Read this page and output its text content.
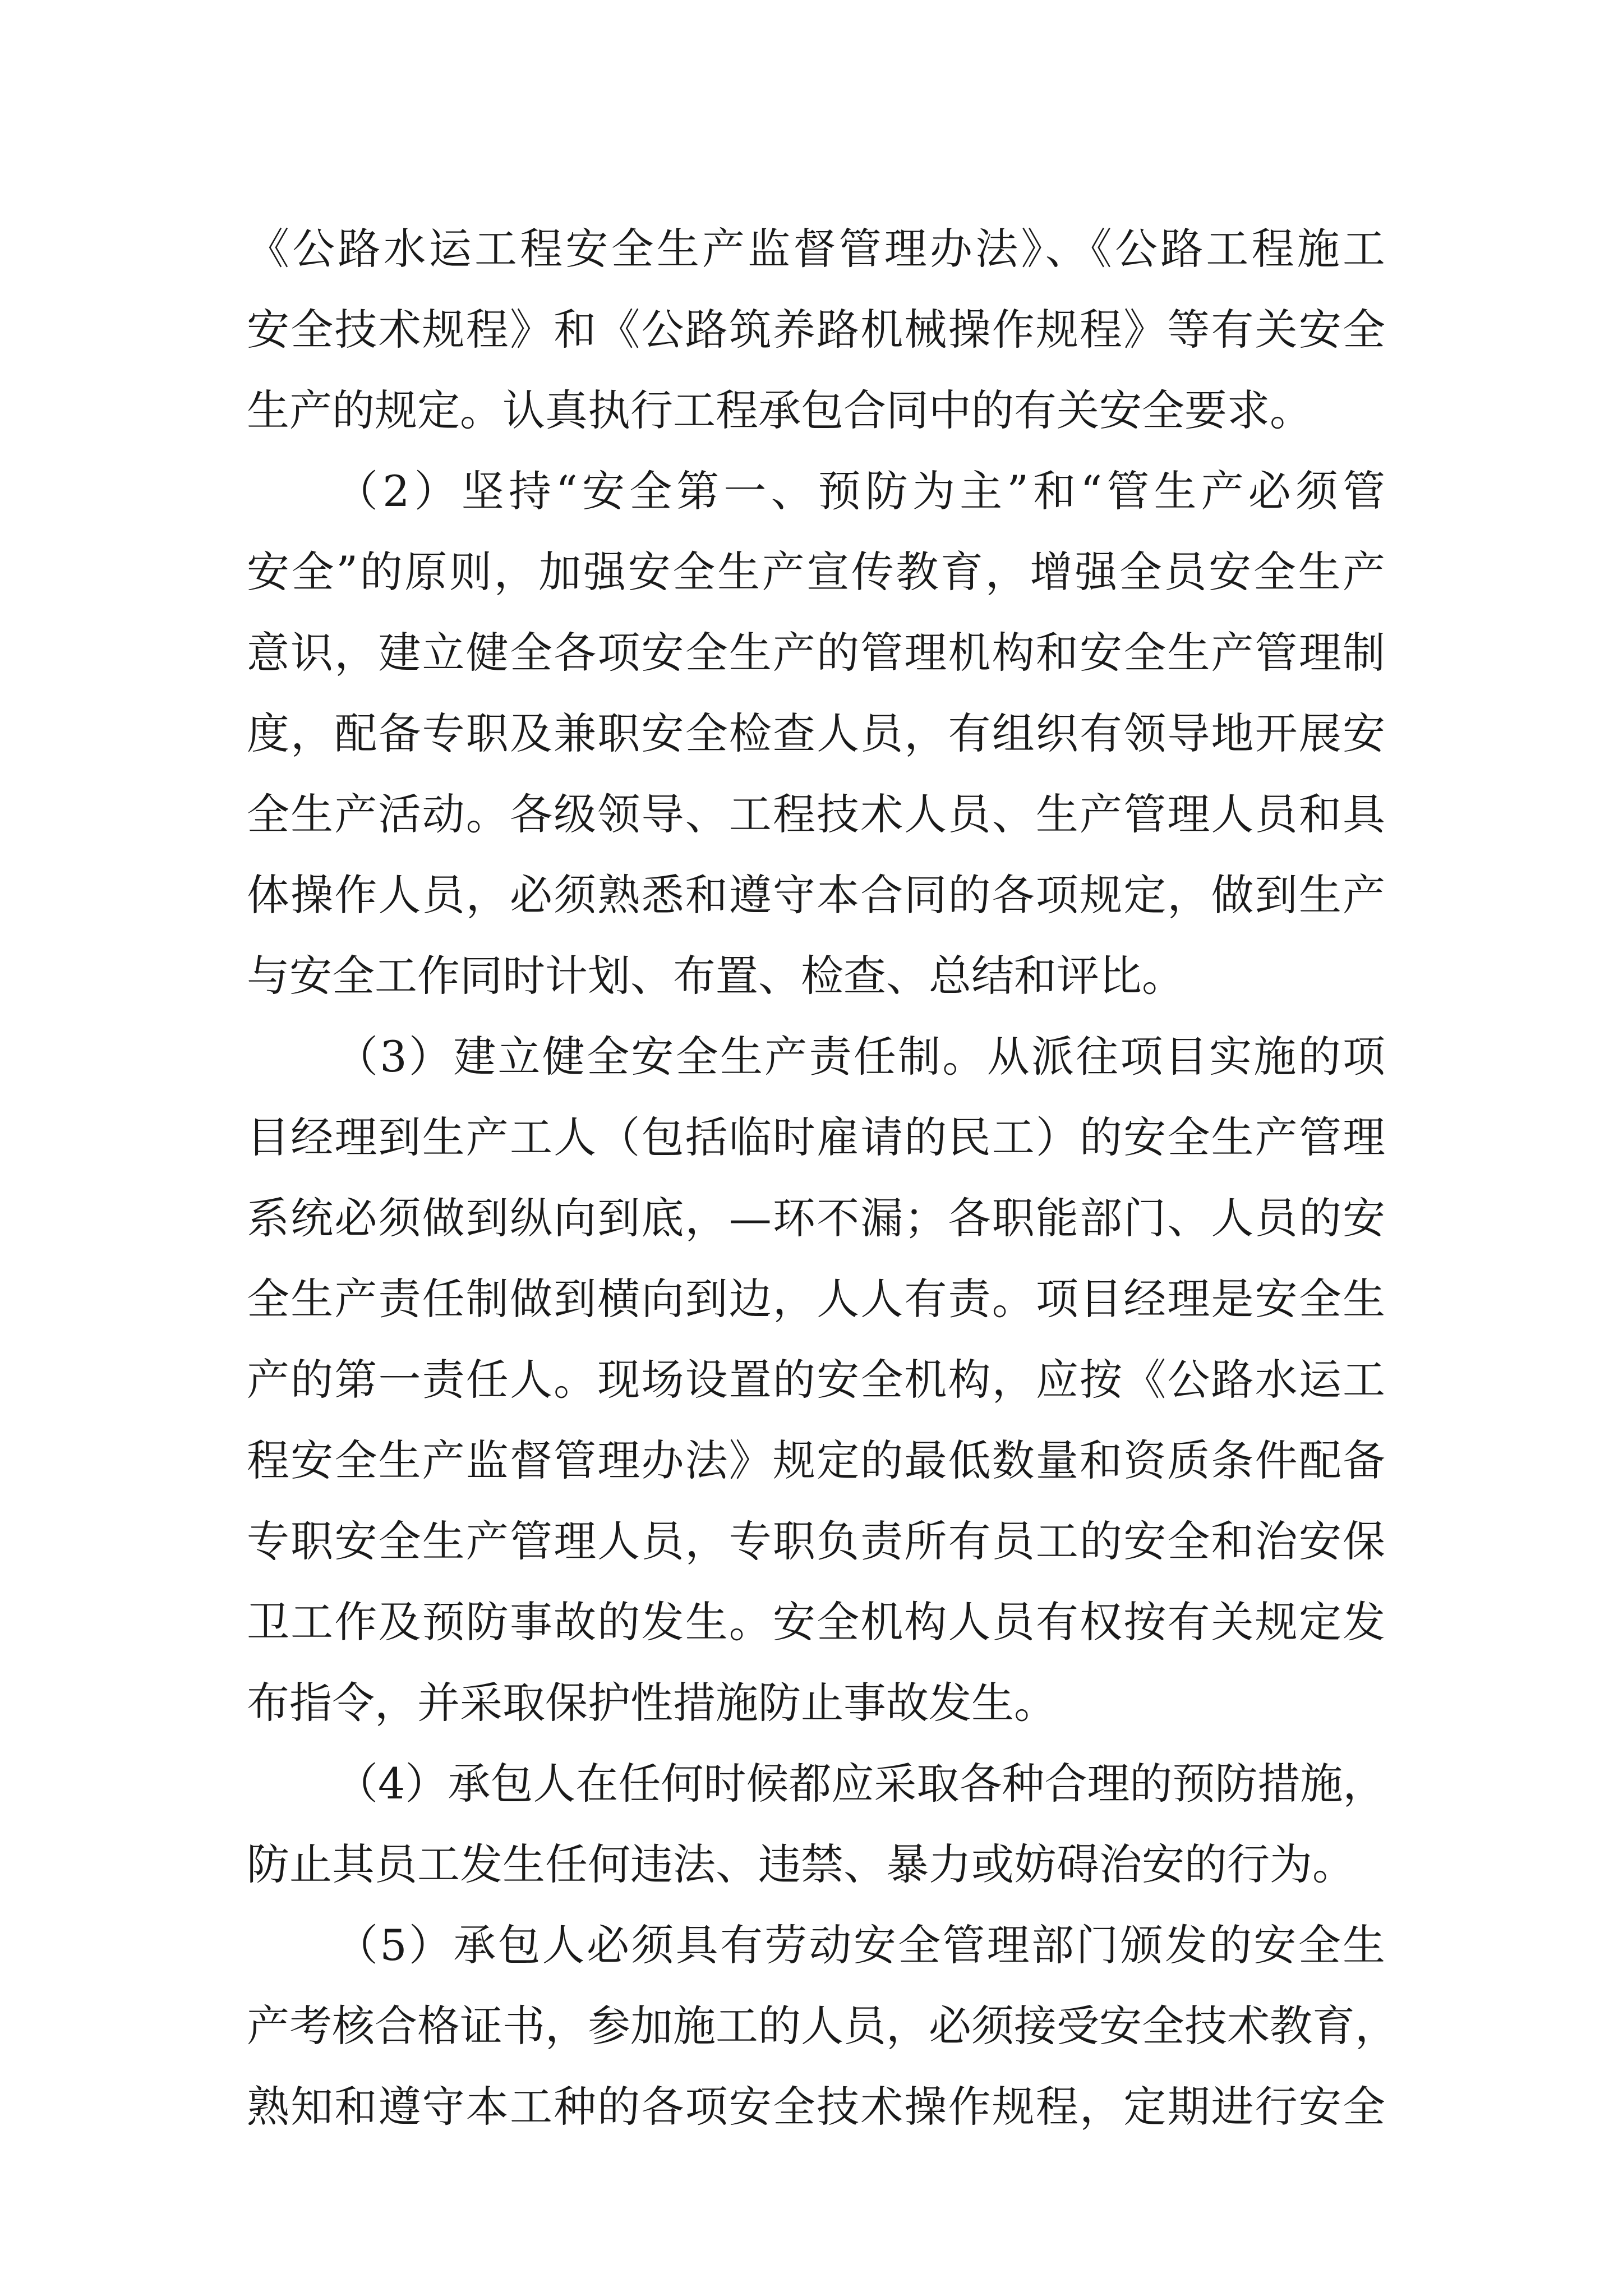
《公路水运工程安全生产监督管理办法》、《公路工程施工
安全技术规程》和《公路筑养路机械操作规程》等有关安全
生产的规定。认真执行工程承包合同中的有关安全要求。
（2）坚持“安全第一、预防为主”和“管生产必须管
安全”的原则，加强安全生产宣传教育，增强全员安全生产
意识，建立健全各项安全生产的管理机构和安全生产管理制
度，配备专职及兼职安全检查人员，有组织有领导地开展安
全生产活动。各级领导、工程技术人员、生产管理人员和具
体操作人员，必须熟悉和遵守本合同的各项规定，做到生产
与安全工作同时计划、布置、检查、总结和评比。
（3）建立健全安全生产责任制。从派往项目实施的项
目经理到生产工人（包括临时雇请的民工）的安全生产管理
系统必须做到纵向到底，—环不漏；各职能部门、人员的安
全生产责任制做到横向到边，人人有责。项目经理是安全生
产的第一责任人。现场设置的安全机构，应按《公路水运工
程安全生产监督管理办法》规定的最低数量和资质条件配备
专职安全生产管理人员，专职负责所有员工的安全和治安保
卫工作及预防事故的发生。安全机构人员有权按有关规定发
布指令，并采取保护性措施防止事故发生。
（4）承包人在任何时候都应采取各种合理的预防措施，
防止其员工发生任何违法、违禁、暴力或妨碍治安的行为。
（5）承包人必须具有劳动安全管理部门颁发的安全生
产考核合格证书，参加施工的人员，必须接受安全技术教育，
熟知和遵守本工种的各项安全技术操作规程，定期进行安全
